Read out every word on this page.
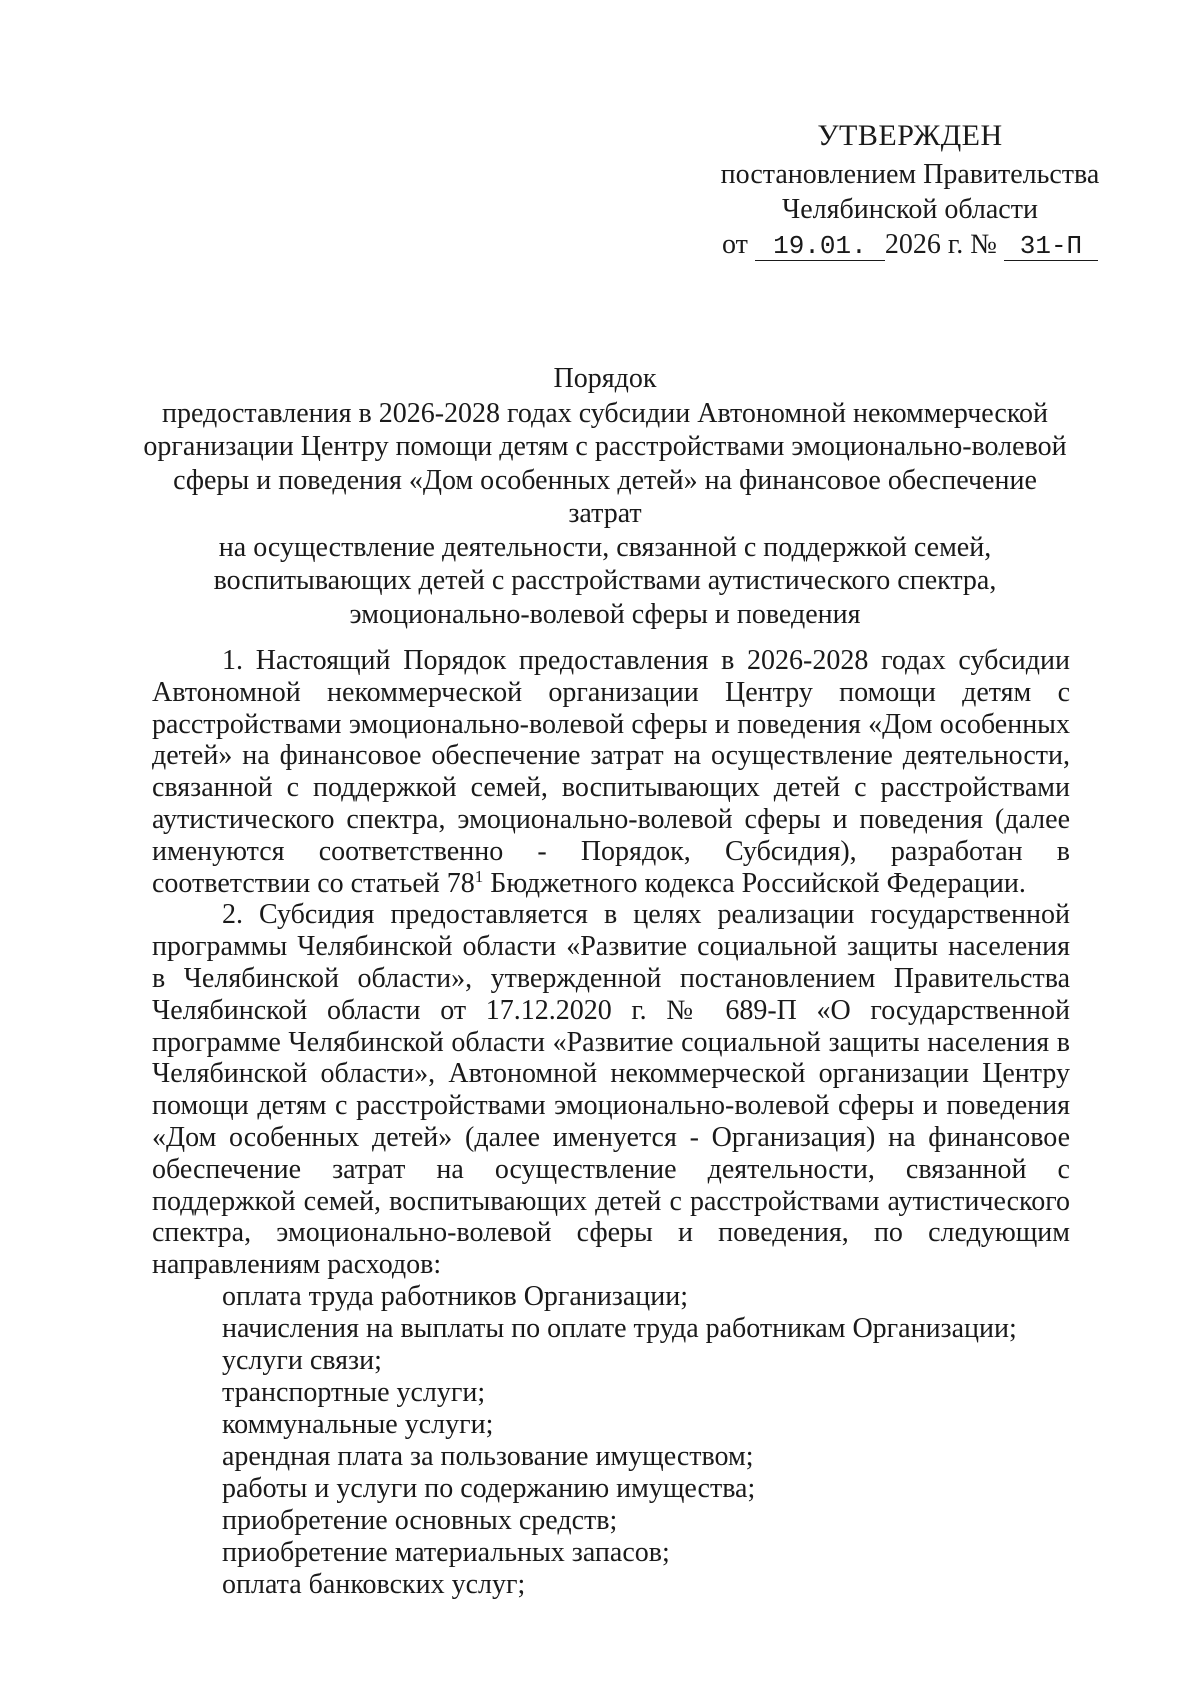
УТВЕРЖДЕН
постановлением Правительства
Челябинской области
от 19.01. 2026 г. № 31-П
Порядок
предоставления в 2026-2028 годах субсидии Автономной некоммерческой
организации Центру помощи детям с расстройствами эмоционально-волевой
сферы и поведения «Дом особенных детей» на финансовое обеспечение затрат
на осуществление деятельности, связанной с поддержкой семей,
воспитывающих детей с расстройствами аутистического спектра,
эмоционально-волевой сферы и поведения

1. Настоящий Порядок предоставления в 2026-2028 годах субсидии Автономной некоммерческой организации Центру помощи детям с расстройствами эмоционально-волевой сферы и поведения «Дом особенных детей» на финансовое обеспечение затрат на осуществление деятельности, связанной с поддержкой семей, воспитывающих детей с расстройствами аутистического спектра, эмоционально-волевой сферы и поведения (далее именуются соответственно - Порядок, Субсидия), разработан в соответствии со статьей $78^1$ Бюджетного кодекса Российской Федерации.

2. Субсидия предоставляется в целях реализации государственной программы Челябинской области «Развитие социальной защиты населения в Челябинской области», утвержденной постановлением Правительства Челябинской области от 17.12.2020 г. № 689-П «О государственной программе Челябинской области «Развитие социальной защиты населения в Челябинской области», Автономной некоммерческой организации Центру помощи детям с расстройствами эмоционально-волевой сферы и поведения «Дом особенных детей» (далее именуется - Организация) на финансовое обеспечение затрат на осуществление деятельности, связанной с поддержкой семей, воспитывающих детей с расстройствами аутистического спектра, эмоционально-волевой сферы и поведения, по следующим направлениям расходов:

оплата труда работников Организации;
начисления на выплаты по оплате труда работникам Организации;
услуги связи;
транспортные услуги;
коммунальные услуги;
арендная плата за пользование имуществом;
работы и услуги по содержанию имущества;
приобретение основных средств;
приобретение материальных запасов;
оплата банковских услуг;
